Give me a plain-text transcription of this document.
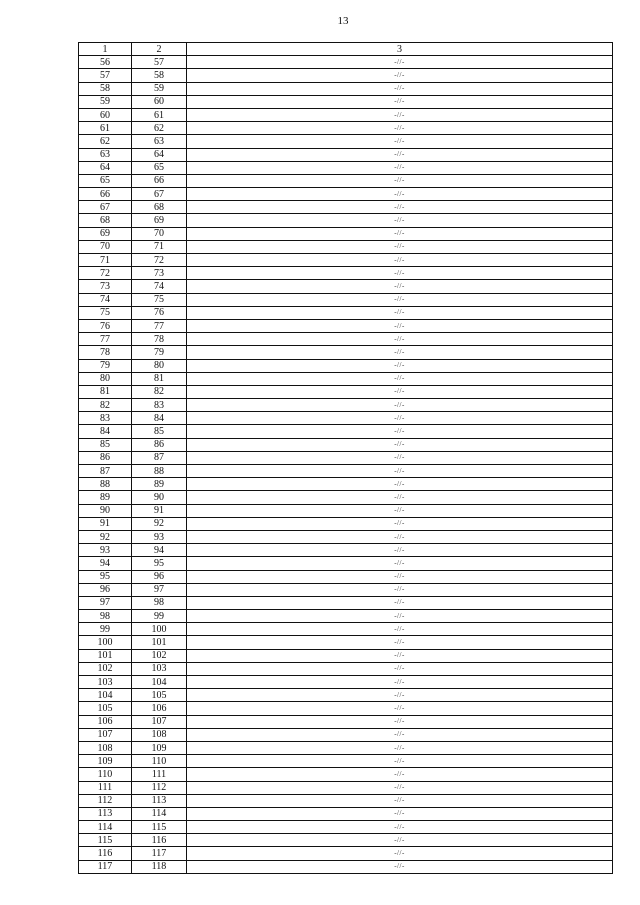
13
1	2	3
56	57	-//-
57	58	-//-
58	59	-//-
59	60	-//-
60	61	-//-
61	62	-//-
62	63	-//-
63	64	-//-
64	65	-//-
65	66	-//-
66	67	-//-
67	68	-//-
68	69	-//-
69	70	-//-
70	71	-//-
71	72	-//-
72	73	-//-
73	74	-//-
74	75	-//-
75	76	-//-
76	77	-//-
77	78	-//-
78	79	-//-
79	80	-//-
80	81	-//-
81	82	-//-
82	83	-//-
83	84	-//-
84	85	-//-
85	86	-//-
86	87	-//-
87	88	-//-
88	89	-//-
89	90	-//-
90	91	-//-
91	92	-//-
92	93	-//-
93	94	-//-
94	95	-//-
95	96	-//-
96	97	-//-
97	98	-//-
98	99	-//-
99	100	-//-
100	101	-//-
101	102	-//-
102	103	-//-
103	104	-//-
104	105	-//-
105	106	-//-
106	107	-//-
107	108	-//-
108	109	-//-
109	110	-//-
110	111	-//-
111	112	-//-
112	113	-//-
113	114	-//-
114	115	-//-
115	116	-//-
116	117	-//-
117	118	-//-
